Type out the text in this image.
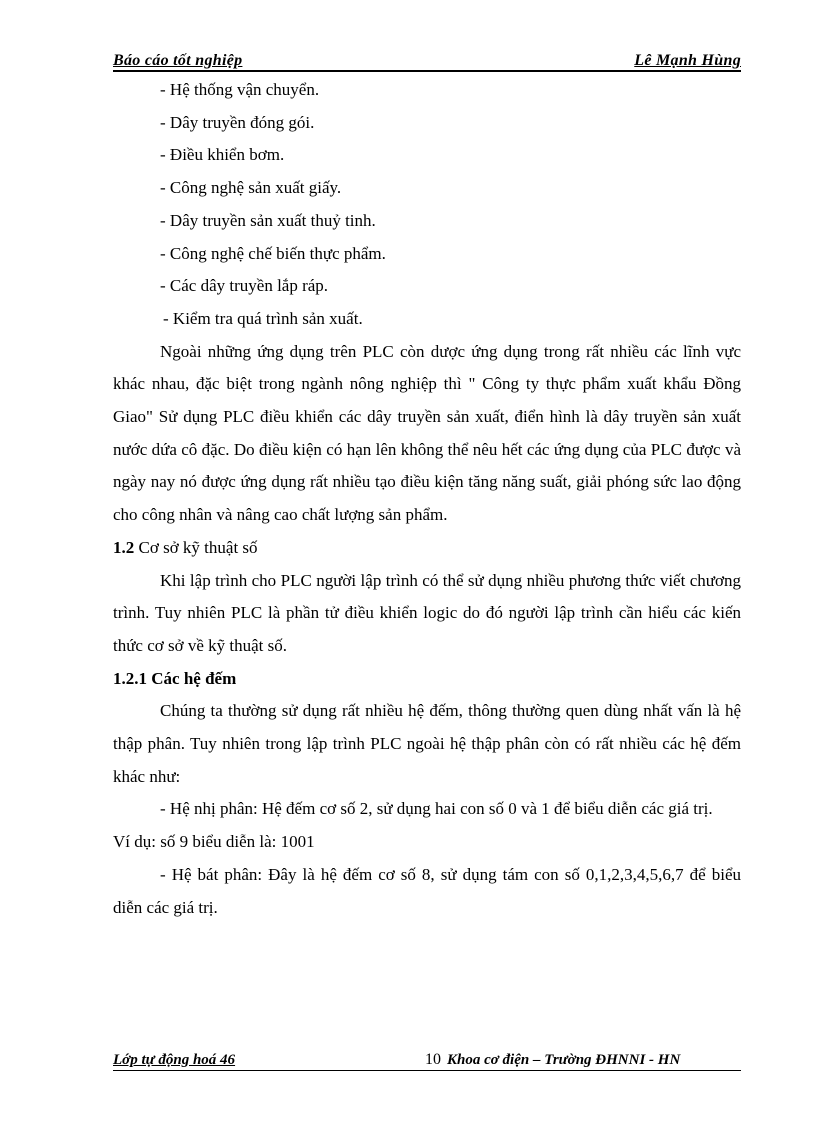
Báo cáo tốt nghiệp	Lê Mạnh Hùng

- Hệ thống vận chuyển.

- Dây truyền đóng gói.

- Điều khiển bơm.

- Công nghệ sản xuất giấy.

- Dây truyền sản xuất thuỷ tinh.

- Công nghệ chế biến thực phẩm.

- Các dây truyền lắp ráp.

- Kiểm tra quá trình sản xuất.

Ngoài những ứng dụng trên PLC còn dược ứng dụng trong rất nhiều các lĩnh vực khác nhau, đặc biệt trong ngành nông nghiệp thì " Công ty thực phẩm xuất khẩu Đồng Giao" Sử dụng PLC điều khiển các dây truyền sản xuất, điển hình là dây truyền sản xuất nước dứa cô đặc. Do điều kiện có hạn lên không thể nêu hết các ứng dụng của PLC được và ngày nay nó được ứng dụng rất nhiều tạo điều kiện tăng năng suất, giải phóng sức lao động cho công nhân và nâng cao chất lượng sản phẩm.

1.2 Cơ sở kỹ thuật số

Khi lập trình cho PLC người lập trình có thể sử dụng nhiều phương thức viết chương trình. Tuy nhiên PLC là phần tử điều khiển logic do đó người lập trình cần hiểu các kiến thức cơ sở về kỹ thuật số.

1.2.1 Các hệ đếm

Chúng ta thường sử dụng rất nhiều hệ đếm, thông thường quen dùng nhất vấn là hệ thập phân. Tuy nhiên trong lập trình PLC ngoài hệ thập phân còn có rất nhiều các hệ đếm khác như:

- Hệ nhị phân: Hệ đếm cơ số 2, sử dụng hai con số 0 và 1 để biểu diễn các giá trị.

Ví dụ: số 9 biểu diễn là: 1001

- Hệ bát phân: Đây là hệ đếm cơ số 8, sử dụng tám con số 0,1,2,3,4,5,6,7 để biểu diễn các giá trị.

Lớp tự động hoá 46	10 Khoa cơ điện – Trường ĐHNNI - HN
